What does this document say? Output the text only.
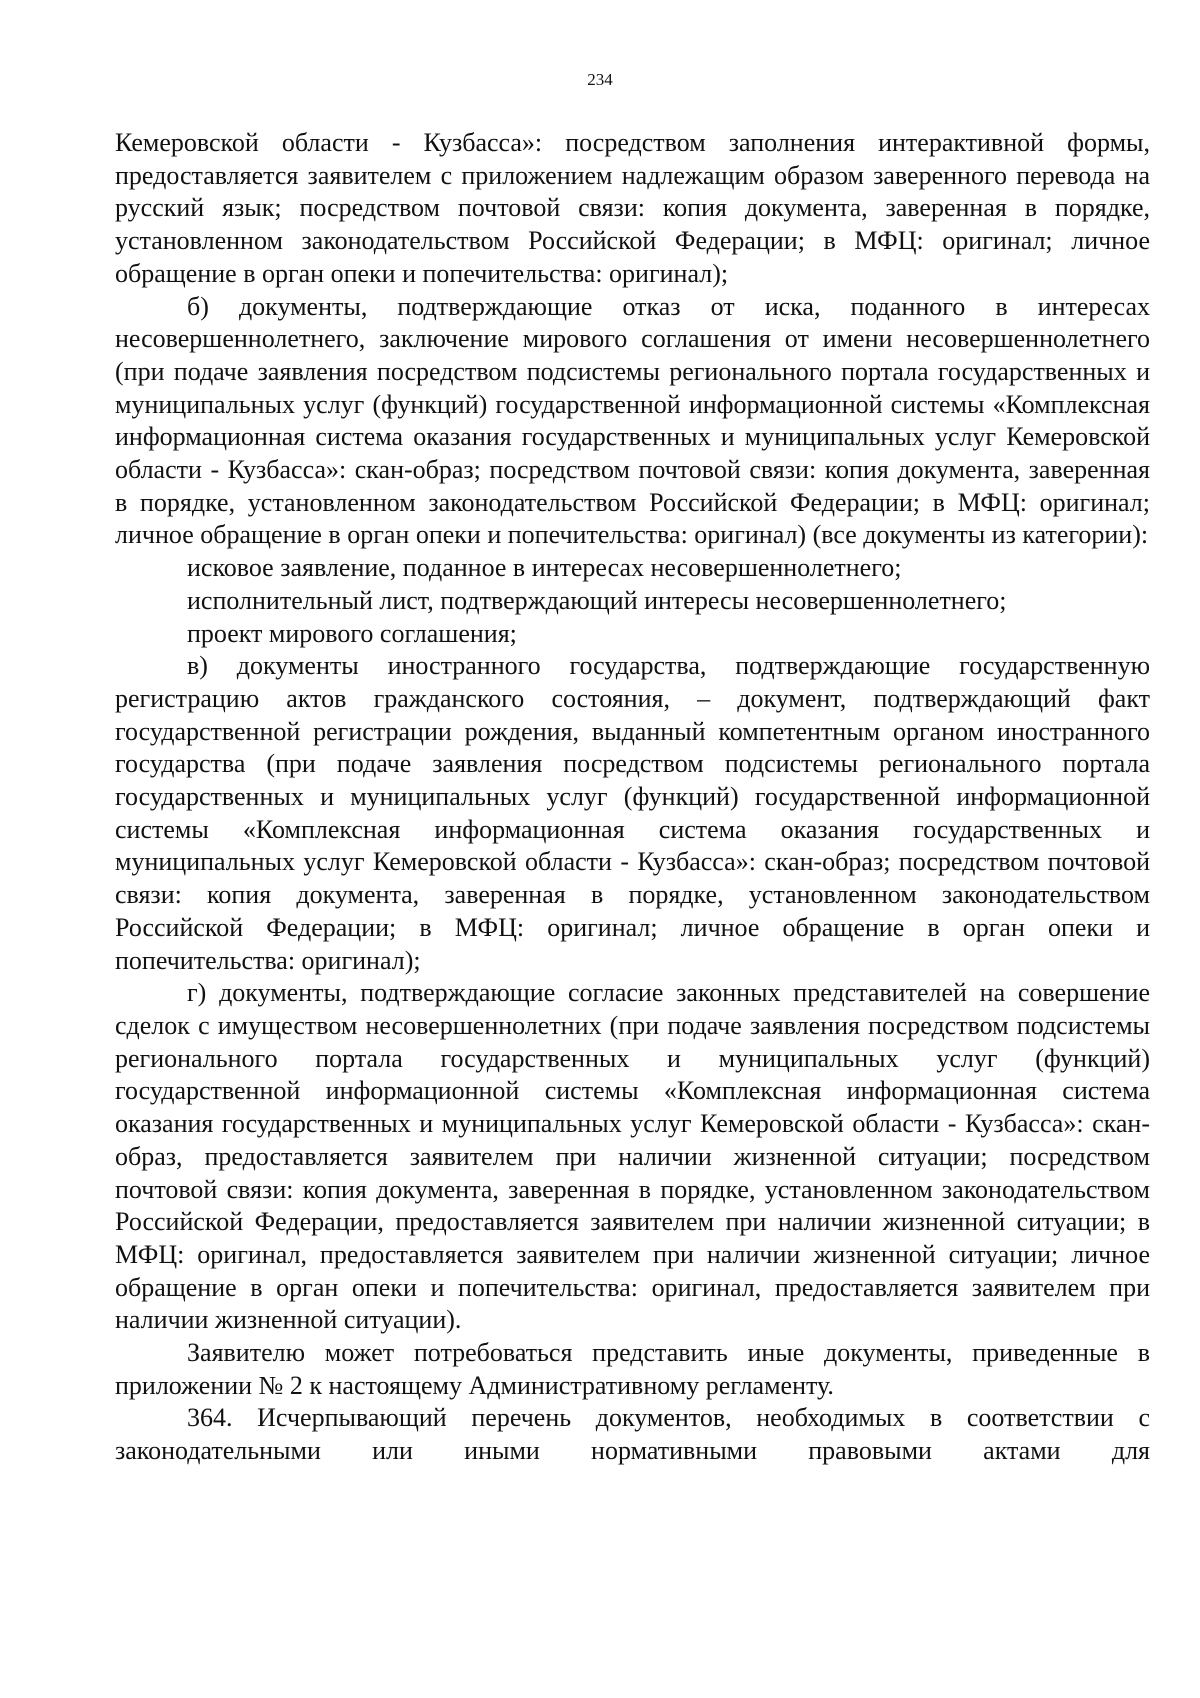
234

Кемеровской области - Кузбасса»: посредством заполнения интерактивной формы, предоставляется заявителем с приложением надлежащим образом заверенного перевода на русский язык; посредством почтовой связи: копия документа, заверенная в порядке, установленном законодательством Российской Федерации; в МФЦ: оригинал; личное обращение в орган опеки и попечительства: оригинал);

б) документы, подтверждающие отказ от иска, поданного в интересах несовершеннолетнего, заключение мирового соглашения от имени несовершеннолетнего (при подаче заявления посредством подсистемы регионального портала государственных и муниципальных услуг (функций) государственной информационной системы «Комплексная информационная система оказания государственных и муниципальных услуг Кемеровской области - Кузбасса»: скан-образ; посредством почтовой связи: копия документа, заверенная в порядке, установленном законодательством Российской Федерации; в МФЦ: оригинал; личное обращение в орган опеки и попечительства: оригинал) (все документы из категории):

исковое заявление, поданное в интересах несовершеннолетнего;

исполнительный лист, подтверждающий интересы несовершеннолетнего;

проект мирового соглашения;

в) документы иностранного государства, подтверждающие государственную регистрацию актов гражданского состояния, – документ, подтверждающий факт государственной регистрации рождения, выданный компетентным органом иностранного государства (при подаче заявления посредством подсистемы регионального портала государственных и муниципальных услуг (функций) государственной информационной системы «Комплексная информационная система оказания государственных и муниципальных услуг Кемеровской области - Кузбасса»: скан-образ; посредством почтовой связи: копия документа, заверенная в порядке, установленном законодательством Российской Федерации; в МФЦ: оригинал; личное обращение в орган опеки и попечительства: оригинал);

г) документы, подтверждающие согласие законных представителей на совершение сделок с имуществом несовершеннолетних (при подаче заявления посредством подсистемы регионального портала государственных и муниципальных услуг (функций) государственной информационной системы «Комплексная информационная система оказания государственных и муниципальных услуг Кемеровской области - Кузбасса»: скан-образ, предоставляется заявителем при наличии жизненной ситуации; посредством почтовой связи: копия документа, заверенная в порядке, установленном законодательством Российской Федерации, предоставляется заявителем при наличии жизненной ситуации; в МФЦ: оригинал, предоставляется заявителем при наличии жизненной ситуации; личное обращение в орган опеки и попечительства: оригинал, предоставляется заявителем при наличии жизненной ситуации).

Заявителю может потребоваться представить иные документы, приведенные в приложении № 2 к настоящему Административному регламенту.

364. Исчерпывающий перечень документов, необходимых в соответствии с законодательными или иными нормативными правовыми актами для
